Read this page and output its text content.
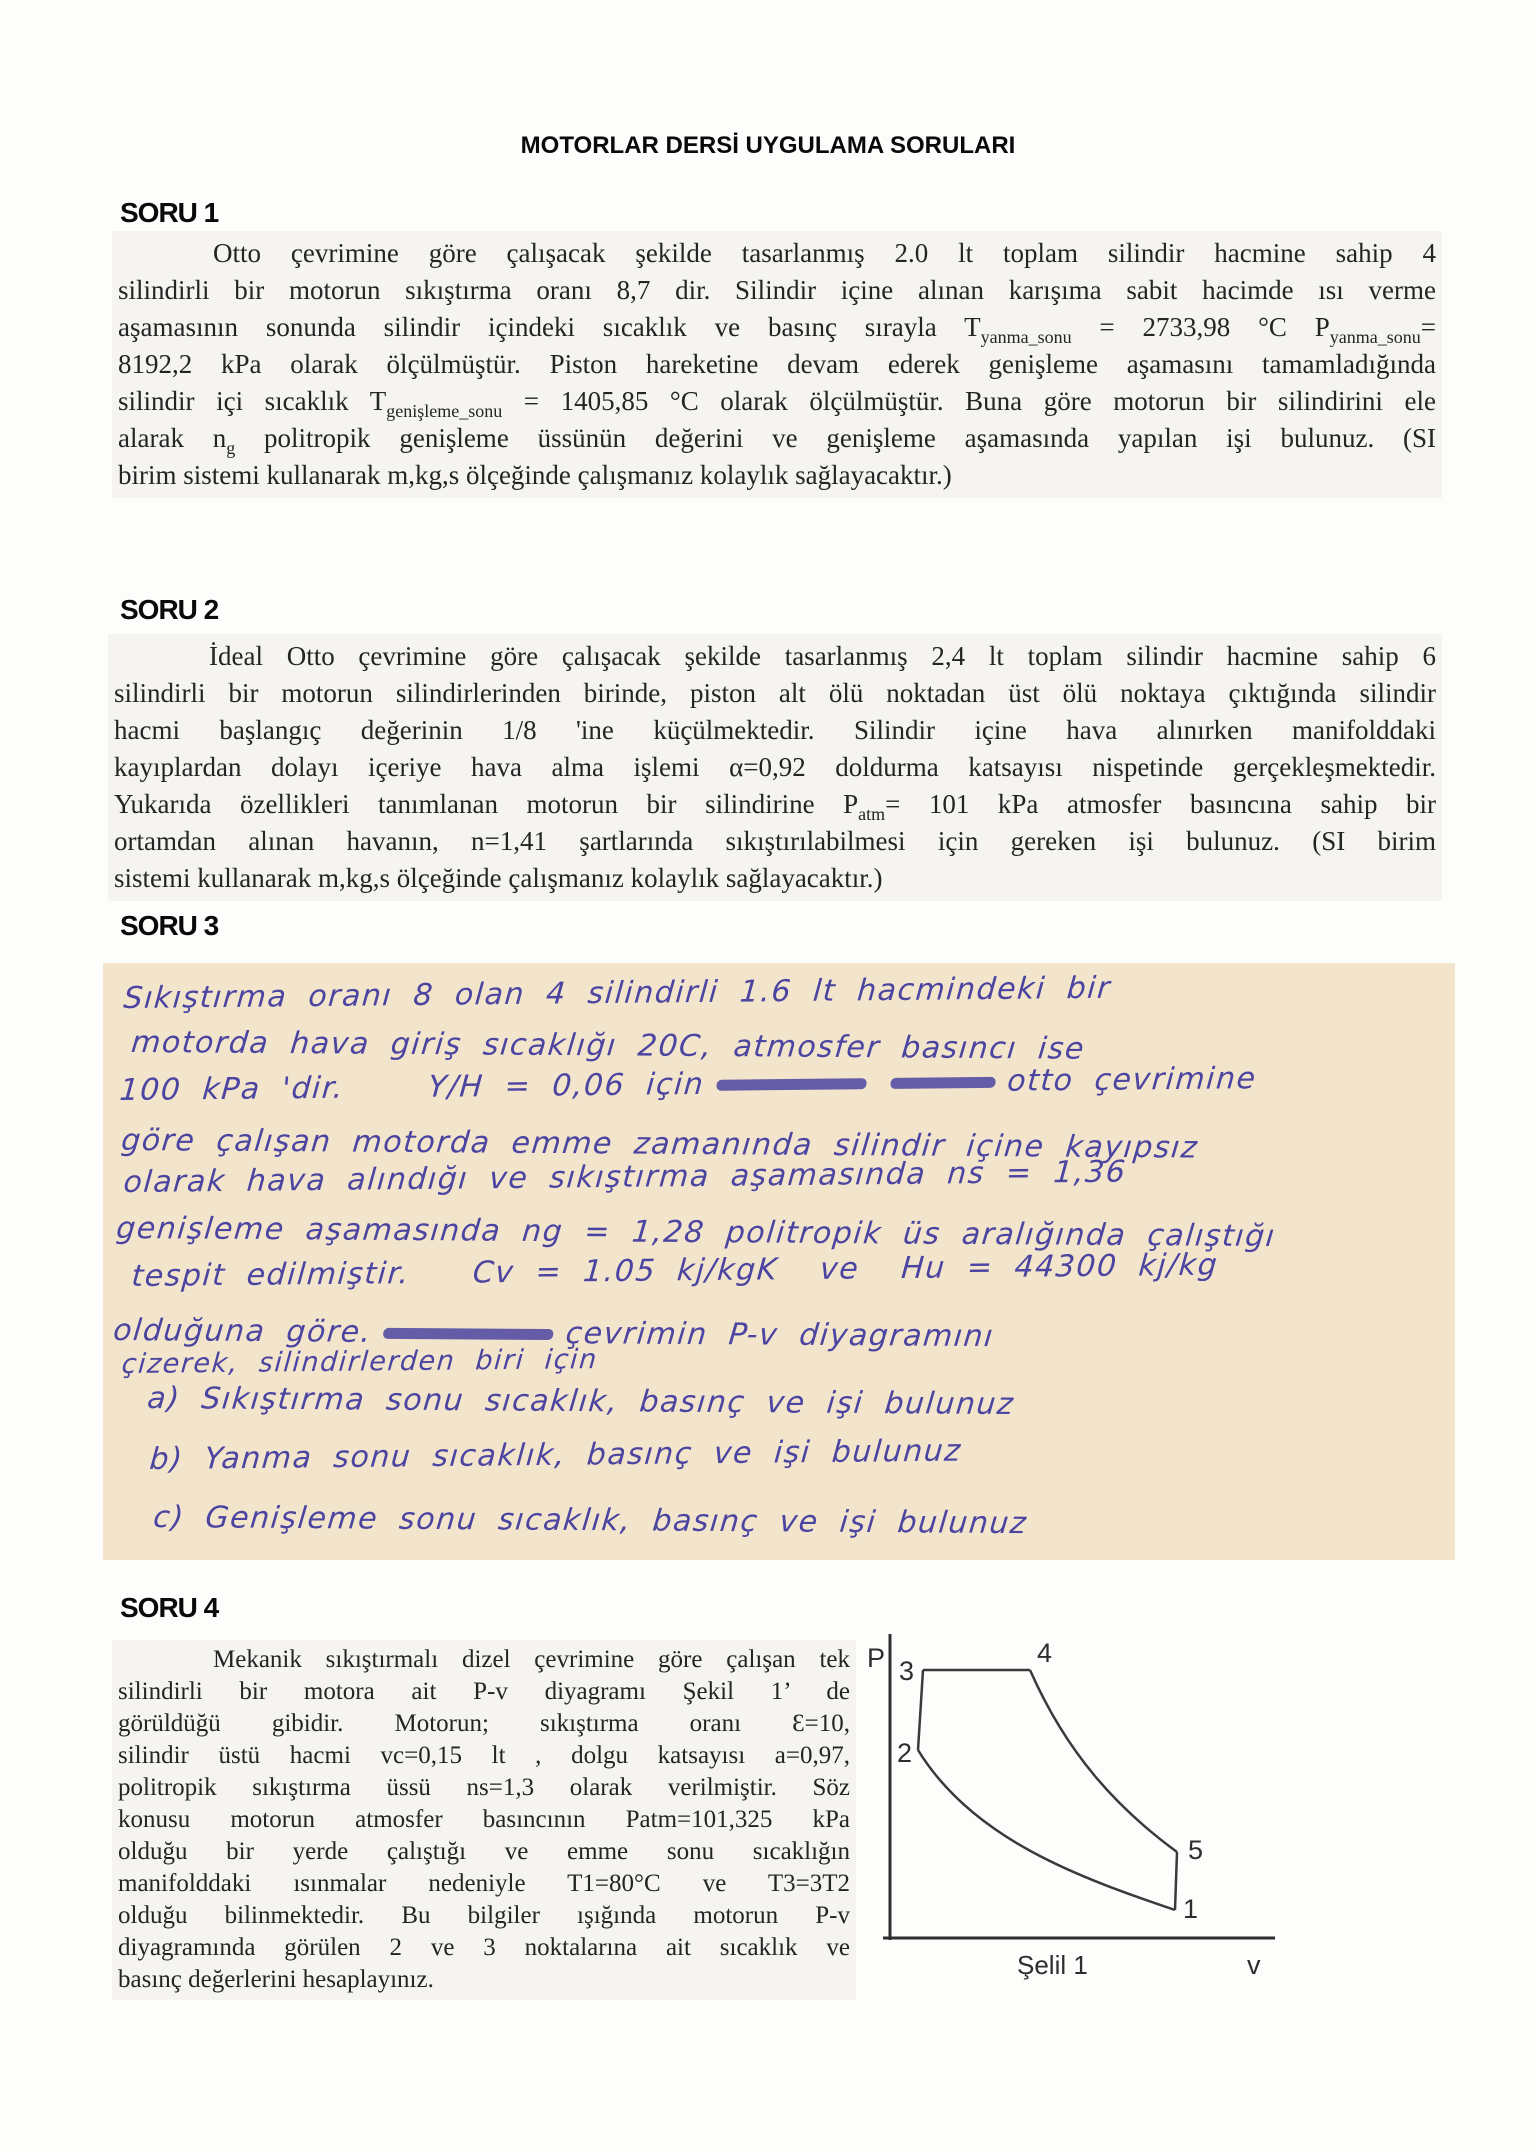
MOTORLAR DERSİ UYGULAMA SORULARI
SORU 1
Otto çevrimine göre çalışacak şekilde tasarlanmış 2.0 lt toplam silindir hacmine sahip 4
silindirli bir motorun sıkıştırma oranı 8,7 dir. Silindir içine alınan karışıma sabit hacimde ısı verme
aşamasının sonunda silindir içindeki sıcaklık ve basınç sırayla $T_{yanma\_sonu} = 2733,98$ °C $P_{yanma\_sonu}=$
8192,2 kPa olarak ölçülmüştür. Piston hareketine devam ederek genişleme aşamasını tamamladığında
silindir içi sıcaklık $T_{genişleme\_sonu} = 1405,85$ °C olarak ölçülmüştür. Buna göre motorun bir silindirini ele
alarak $n_g$ politropik genişleme üssünün değerini ve genişleme aşamasında yapılan işi bulunuz. (SI
birim sistemi kullanarak m,kg,s ölçeğinde çalışmanız kolaylık sağlayacaktır.)
SORU 2
İdeal Otto çevrimine göre çalışacak şekilde tasarlanmış 2,4 lt toplam silindir hacmine sahip 6
silindirli bir motorun silindirlerinden birinde, piston alt ölü noktadan üst ölü noktaya çıktığında silindir
hacmi başlangıç değerinin 1/8 'ine küçülmektedir. Silindir içine hava alınırken manifolddaki
kayıplardan dolayı içeriye hava alma işlemi α=0,92 doldurma katsayısı nispetinde gerçekleşmektedir.
Yukarıda özellikleri tanımlanan motorun bir silindirine $P_{atm}= 101$ kPa atmosfer basıncına sahip bir
ortamdan alınan havanın, n=1,41 şartlarında sıkıştırılabilmesi için gereken işi bulunuz. (SI birim
sistemi kullanarak m,kg,s ölçeğinde çalışmanız kolaylık sağlayacaktır.)
SORU 3
Sıkıştırma oranı 8 olan 4 silindirli 1.6 lt hacmindeki bir
motorda hava giriş sıcaklığı 20C, atmosfer basıncı ise
100 kPa 'dir.    Y/H = 0,06 için	otto çevrimine
göre çalışan motorda emme zamanında silindir içine kayıpsız
olarak hava alındığı ve sıkıştırma aşamasında ns = 1,36
genişleme aşamasında ng = 1,28 politropik üs aralığında çalıştığı
tespit edilmiştir.   Cv = 1.05 kj/kgK  ve  Hu = 44300 kj/kg
olduğuna göre.	çevrimin P-v diyagramını
çizerek, silindirlerden biri için
a) Sıkıştırma sonu sıcaklık, basınç ve işi bulunuz
b) Yanma sonu sıcaklık, basınç ve işi bulunuz
c) Genişleme sonu sıcaklık, basınç ve işi bulunuz
SORU 4
Mekanik sıkıştırmalı dizel çevrimine göre çalışan tek
silindirli bir motora ait P-v diyagramı Şekil 1’ de
görüldüğü gibidir. Motorun; sıkıştırma oranı Ɛ=10,
silindir üstü hacmi vc=0,15 lt , dolgu katsayısı a=0,97,
politropik sıkıştırma üssü ns=1,3 olarak verilmiştir. Söz
konusu motorun atmosfer basıncının Patm=101,325 kPa
olduğu bir yerde çalıştığı ve emme sonu sıcaklığın
manifolddaki ısınmalar nedeniyle T1=80°C ve T3=3T2
olduğu bilinmektedir. Bu bilgiler ışığında motorun P-v
diyagramında görülen 2 ve 3 noktalarına ait sıcaklık ve
basınç değerlerini hesaplayınız.
P
v
3
4
2
5
1
Şelil 1
